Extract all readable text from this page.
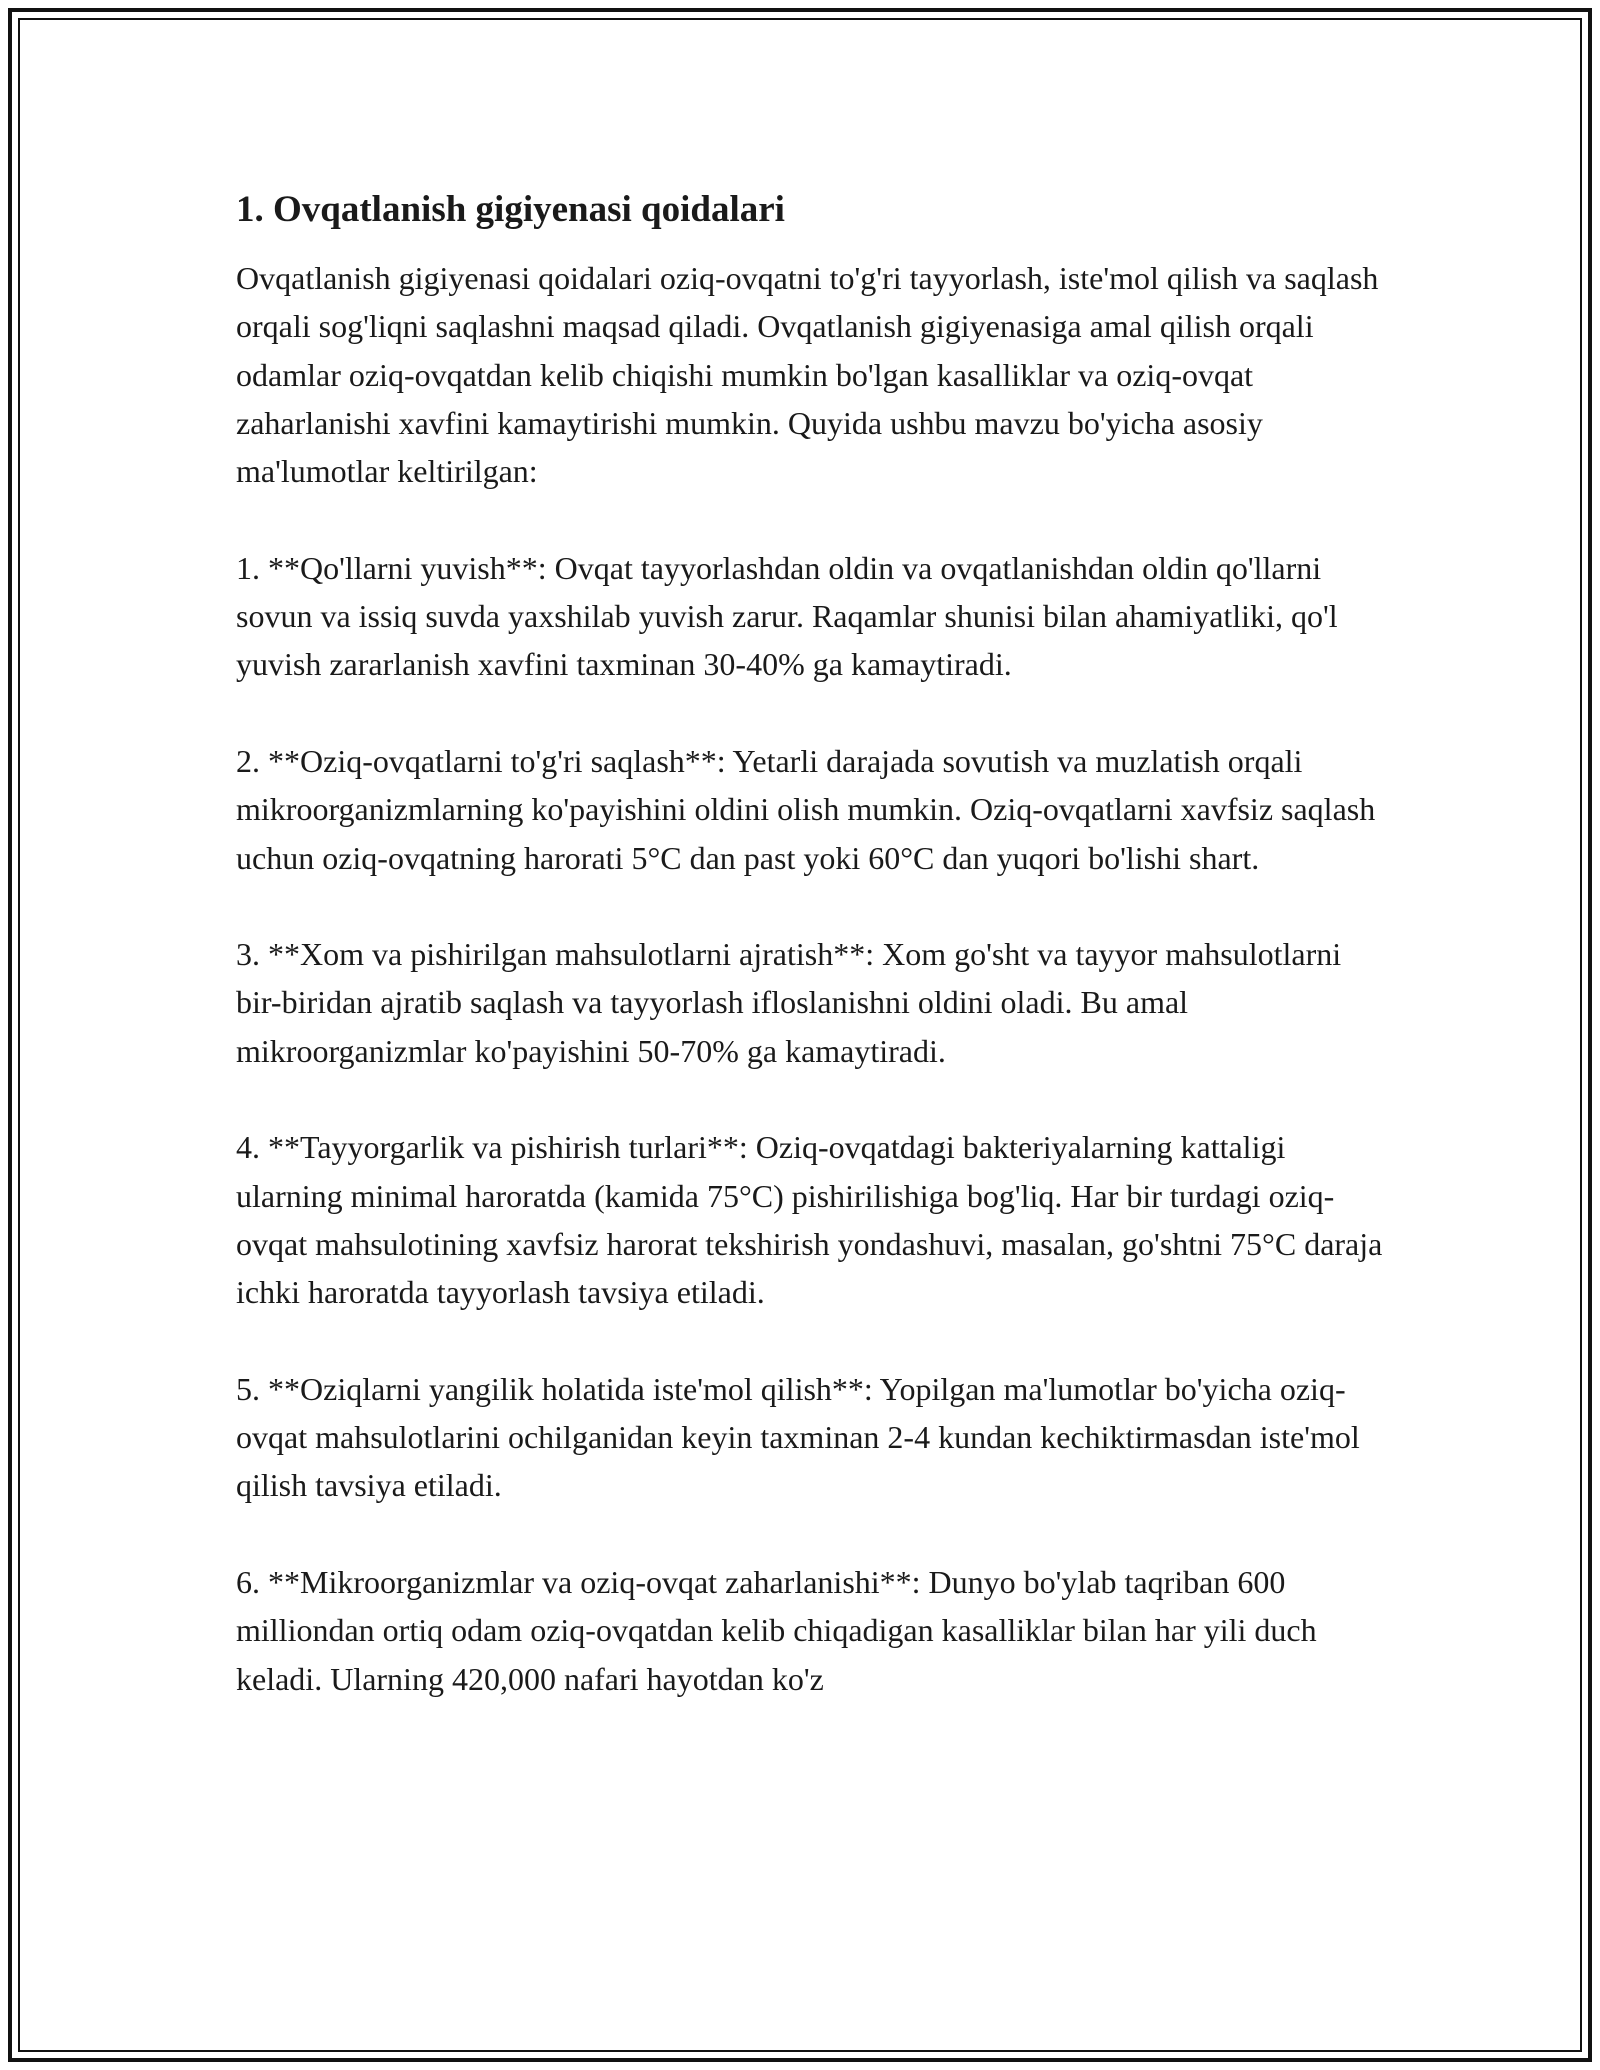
1. Ovqatlanish gigiyenasi qoidalari

Ovqatlanish gigiyenasi qoidalari oziq-ovqatni to'g'ri tayyorlash, iste'mol qilish va saqlash orqali sog'liqni saqlashni maqsad qiladi. Ovqatlanish gigiyenasiga amal qilish orqali odamlar oziq-ovqatdan kelib chiqishi mumkin bo'lgan kasalliklar va oziq-ovqat zaharlanishi xavfini kamaytirishi mumkin. Quyida ushbu mavzu bo'yicha asosiy ma'lumotlar keltirilgan:

1. **Qo'llarni yuvish**: Ovqat tayyorlashdan oldin va ovqatlanishdan oldin qo'llarni sovun va issiq suvda yaxshilab yuvish zarur. Raqamlar shunisi bilan ahamiyatliki, qo'l yuvish zararlanish xavfini taxminan 30-40% ga kamaytiradi.

2. **Oziq-ovqatlarni to'g'ri saqlash**: Yetarli darajada sovutish va muzlatish orqali mikroorganizmlarning ko'payishini oldini olish mumkin. Oziq-ovqatlarni xavfsiz saqlash uchun oziq-ovqatning harorati 5°C dan past yoki 60°C dan yuqori bo'lishi shart.

3. **Xom va pishirilgan mahsulotlarni ajratish**: Xom go'sht va tayyor mahsulotlarni bir-biridan ajratib saqlash va tayyorlash ifloslanishni oldini oladi. Bu amal mikroorganizmlar ko'payishini 50-70% ga kamaytiradi.

4. **Tayyorgarlik va pishirish turlari**: Oziq-ovqatdagi bakteriyalarning kattaligi ularning minimal haroratda (kamida 75°C) pishirilishiga bog'liq. Har bir turdagi oziq-ovqat mahsulotining xavfsiz harorat tekshirish yondashuvi, masalan, go'shtni 75°C daraja ichki haroratda tayyorlash tavsiya etiladi.

5. **Oziqlarni yangilik holatida iste'mol qilish**: Yopilgan ma'lumotlar bo'yicha oziq-ovqat mahsulotlarini ochilganidan keyin taxminan 2-4 kundan kechiktirmasdan iste'mol qilish tavsiya etiladi.

6. **Mikroorganizmlar va oziq-ovqat zaharlanishi**: Dunyo bo'ylab taqriban 600 milliondan ortiq odam oziq-ovqatdan kelib chiqadigan kasalliklar bilan har yili duch keladi. Ularning 420,000 nafari hayotdan ko'z
